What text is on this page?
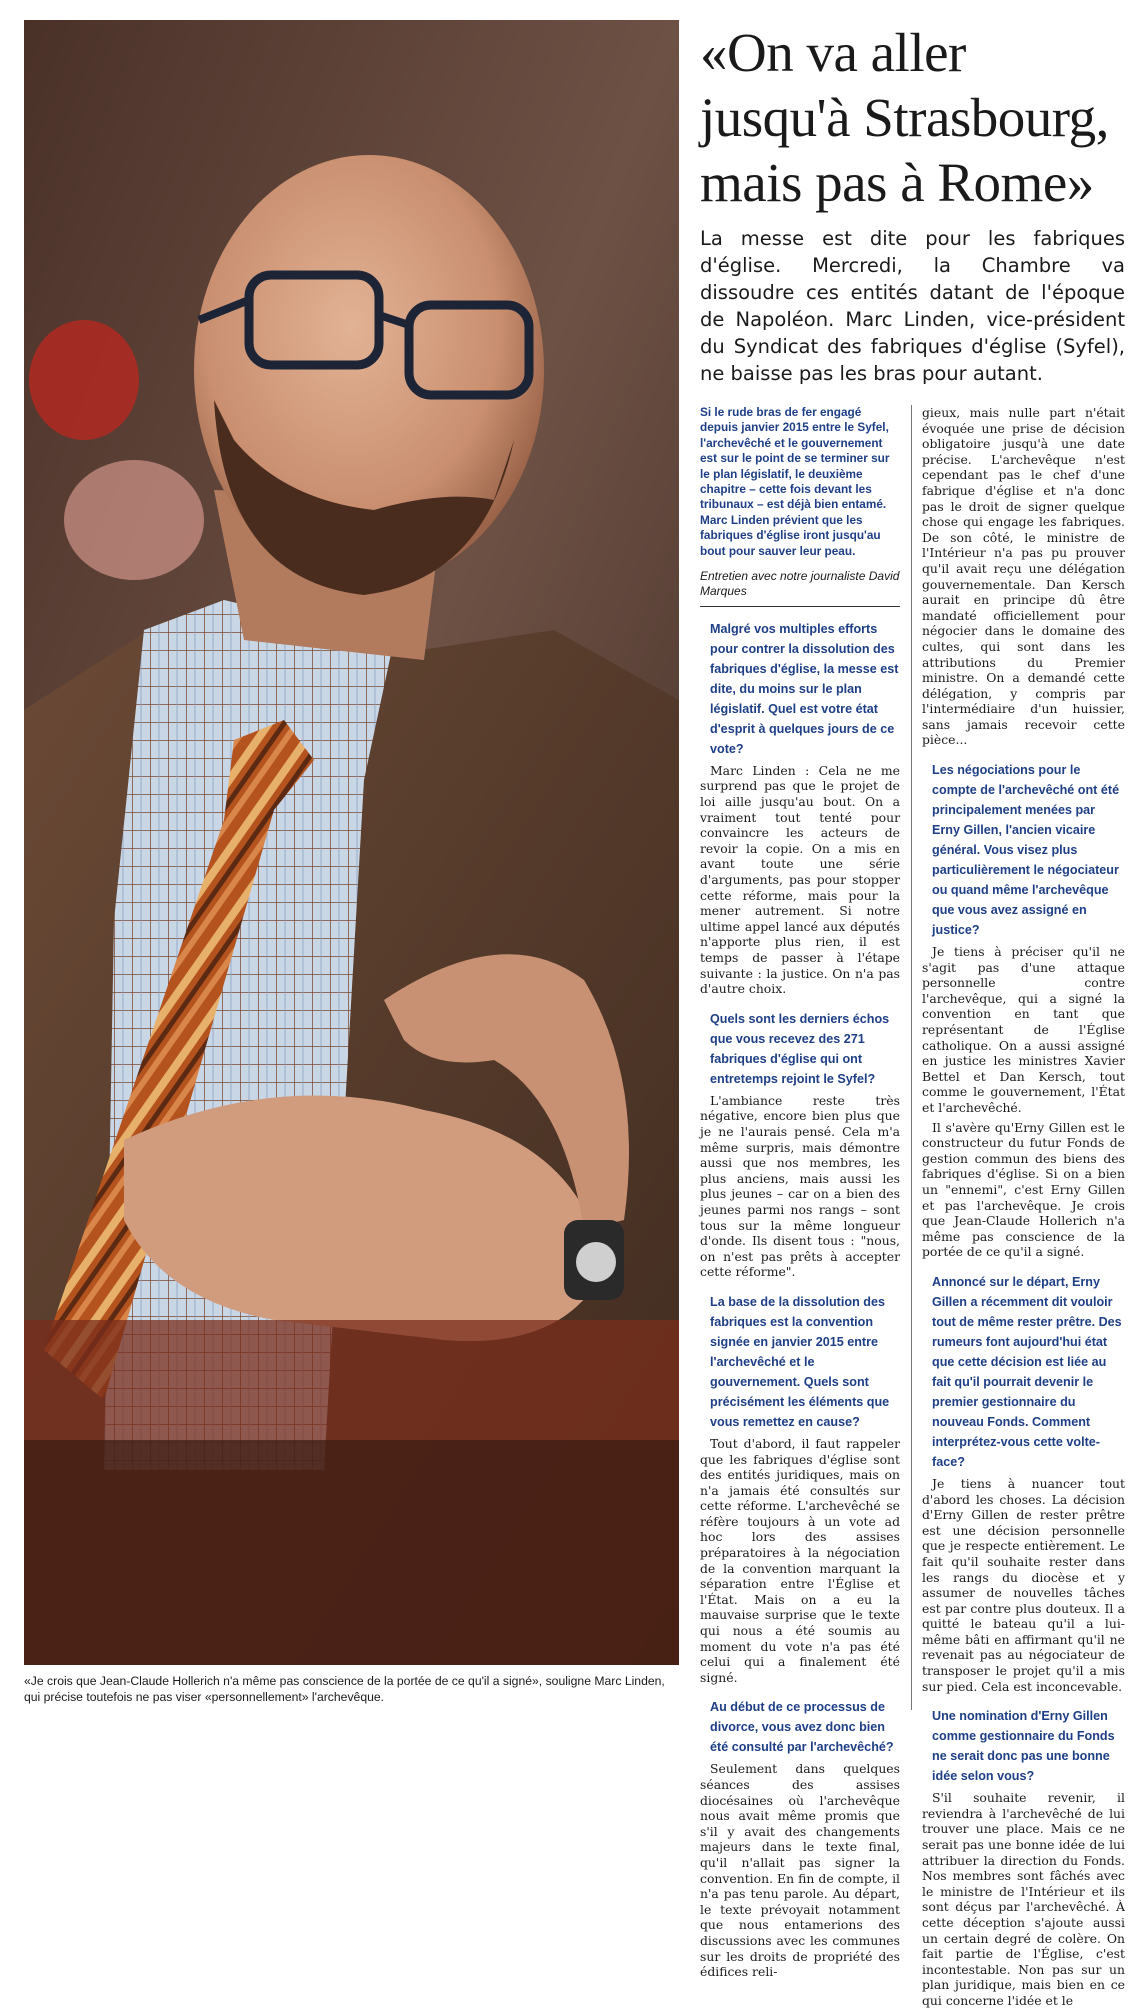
«Je crois que Jean-Claude Hollerich n'a même pas conscience de la portée de ce qu'il a signé», souligne Marc Linden, qui précise toutefois ne pas viser «personnellement» l'archevêque.
«On va aller jusqu'à Strasbourg, mais pas à Rome»
La messe est dite pour les fabriques d'église. Mercredi, la Chambre va dissoudre ces entités datant de l'époque de Napoléon. Marc Linden, vice-président du Syndicat des fabriques d'église (Syfel), ne baisse pas les bras pour autant.

Si le rude bras de fer engagé depuis janvier 2015 entre le Syfel, l'archevêché et le gouvernement est sur le point de se terminer sur le plan législatif, le deuxième chapitre – cette fois devant les tribunaux – est déjà bien entamé. Marc Linden prévient que les fabriques d'église iront jusqu'au bout pour sauver leur peau.

Entretien avec notre journaliste David Marques

Malgré vos multiples efforts pour contrer la dissolution des fabriques d'église, la messe est dite, du moins sur le plan législatif. Quel est votre état d'esprit à quelques jours de ce vote?

Marc Linden : Cela ne me surprend pas que le projet de loi aille jusqu'au bout. On a vraiment tout tenté pour convaincre les acteurs de revoir la copie. On a mis en avant toute une série d'arguments, pas pour stopper cette réforme, mais pour la mener autrement. Si notre ultime appel lancé aux députés n'apporte plus rien, il est temps de passer à l'étape suivante : la justice. On n'a pas d'autre choix.

Quels sont les derniers échos que vous recevez des 271 fabriques d'église qui ont entretemps rejoint le Syfel?

L'ambiance reste très négative, encore bien plus que je ne l'aurais pensé. Cela m'a même surpris, mais démontre aussi que nos membres, les plus anciens, mais aussi les plus jeunes – car on a bien des jeunes parmi nos rangs – sont tous sur la même longueur d'onde. Ils disent tous : "nous, on n'est pas prêts à accepter cette réforme".

La base de la dissolution des fabriques est la convention signée en janvier 2015 entre l'archevêché et le gouvernement. Quels sont précisément les éléments que vous remettez en cause?

Tout d'abord, il faut rappeler que les fabriques d'église sont des entités juridiques, mais on n'a jamais été consultés sur cette réforme. L'archevêché se réfère toujours à un vote ad hoc lors des assises préparatoires à la négociation de la convention marquant la séparation entre l'Église et l'État. Mais on a eu la mauvaise surprise que le texte qui nous a été soumis au moment du vote n'a pas été celui qui a finalement été signé.

Au début de ce processus de divorce, vous avez donc bien été consulté par l'archevêché?

Seulement dans quelques séances des assises diocésaines où l'archevêque nous avait même promis que s'il y avait des changements majeurs dans le texte final, qu'il n'allait pas signer la convention. En fin de compte, il n'a pas tenu parole. Au départ, le texte prévoyait notamment que nous entamerions des discussions avec les communes sur les droits de propriété des édifices reli-

gieux, mais nulle part n'était évoquée une prise de décision obligatoire jusqu'à une date précise. L'archevêque n'est cependant pas le chef d'une fabrique d'église et n'a donc pas le droit de signer quelque chose qui engage les fabriques. De son côté, le ministre de l'Intérieur n'a pas pu prouver qu'il avait reçu une délégation gouvernementale. Dan Kersch aurait en principe dû être mandaté officiellement pour négocier dans le domaine des cultes, qui sont dans les attributions du Premier ministre. On a demandé cette délégation, y compris par l'intermédiaire d'un huissier, sans jamais recevoir cette pièce...

Les négociations pour le compte de l'archevêché ont été principalement menées par Erny Gillen, l'ancien vicaire général. Vous visez plus particulièrement le négociateur ou quand même l'archevêque que vous avez assigné en justice?

Je tiens à préciser qu'il ne s'agit pas d'une attaque personnelle contre l'archevêque, qui a signé la convention en tant que représentant de l'Église catholique. On a aussi assigné en justice les ministres Xavier Bettel et Dan Kersch, tout comme le gouvernement, l'État et l'archevêché.

Il s'avère qu'Erny Gillen est le constructeur du futur Fonds de gestion commun des biens des fabriques d'église. Si on a bien un "ennemi", c'est Erny Gillen et pas l'archevêque. Je crois que Jean-Claude Hollerich n'a même pas conscience de la portée de ce qu'il a signé.

Annoncé sur le départ, Erny Gillen a récemment dit vouloir tout de même rester prêtre. Des rumeurs font aujourd'hui état que cette décision est liée au fait qu'il pourrait devenir le premier gestionnaire du nouveau Fonds. Comment interprétez-vous cette volte-face?

Je tiens à nuancer tout d'abord les choses. La décision d'Erny Gillen de rester prêtre est une décision personnelle que je respecte entièrement. Le fait qu'il souhaite rester dans les rangs du diocèse et y assumer de nouvelles tâches est par contre plus douteux. Il a quitté le bateau qu'il a lui-même bâti en affirmant qu'il ne revenait pas au négociateur de transposer le projet qu'il a mis sur pied. Cela est inconcevable.

Une nomination d'Erny Gillen comme gestionnaire du Fonds ne serait donc pas une bonne idée selon vous?

S'il souhaite revenir, il reviendra à l'archevêché de lui trouver une place. Mais ce ne serait pas une bonne idée de lui attribuer la direction du Fonds. Nos membres sont fâchés avec le ministre de l'Intérieur et ils sont déçus par l'archevêché. À cette déception s'ajoute aussi un certain degré de colère. On fait partie de l'Église, c'est incontestable. Non pas sur un plan juridique, mais bien en ce qui concerne l'idée et le
